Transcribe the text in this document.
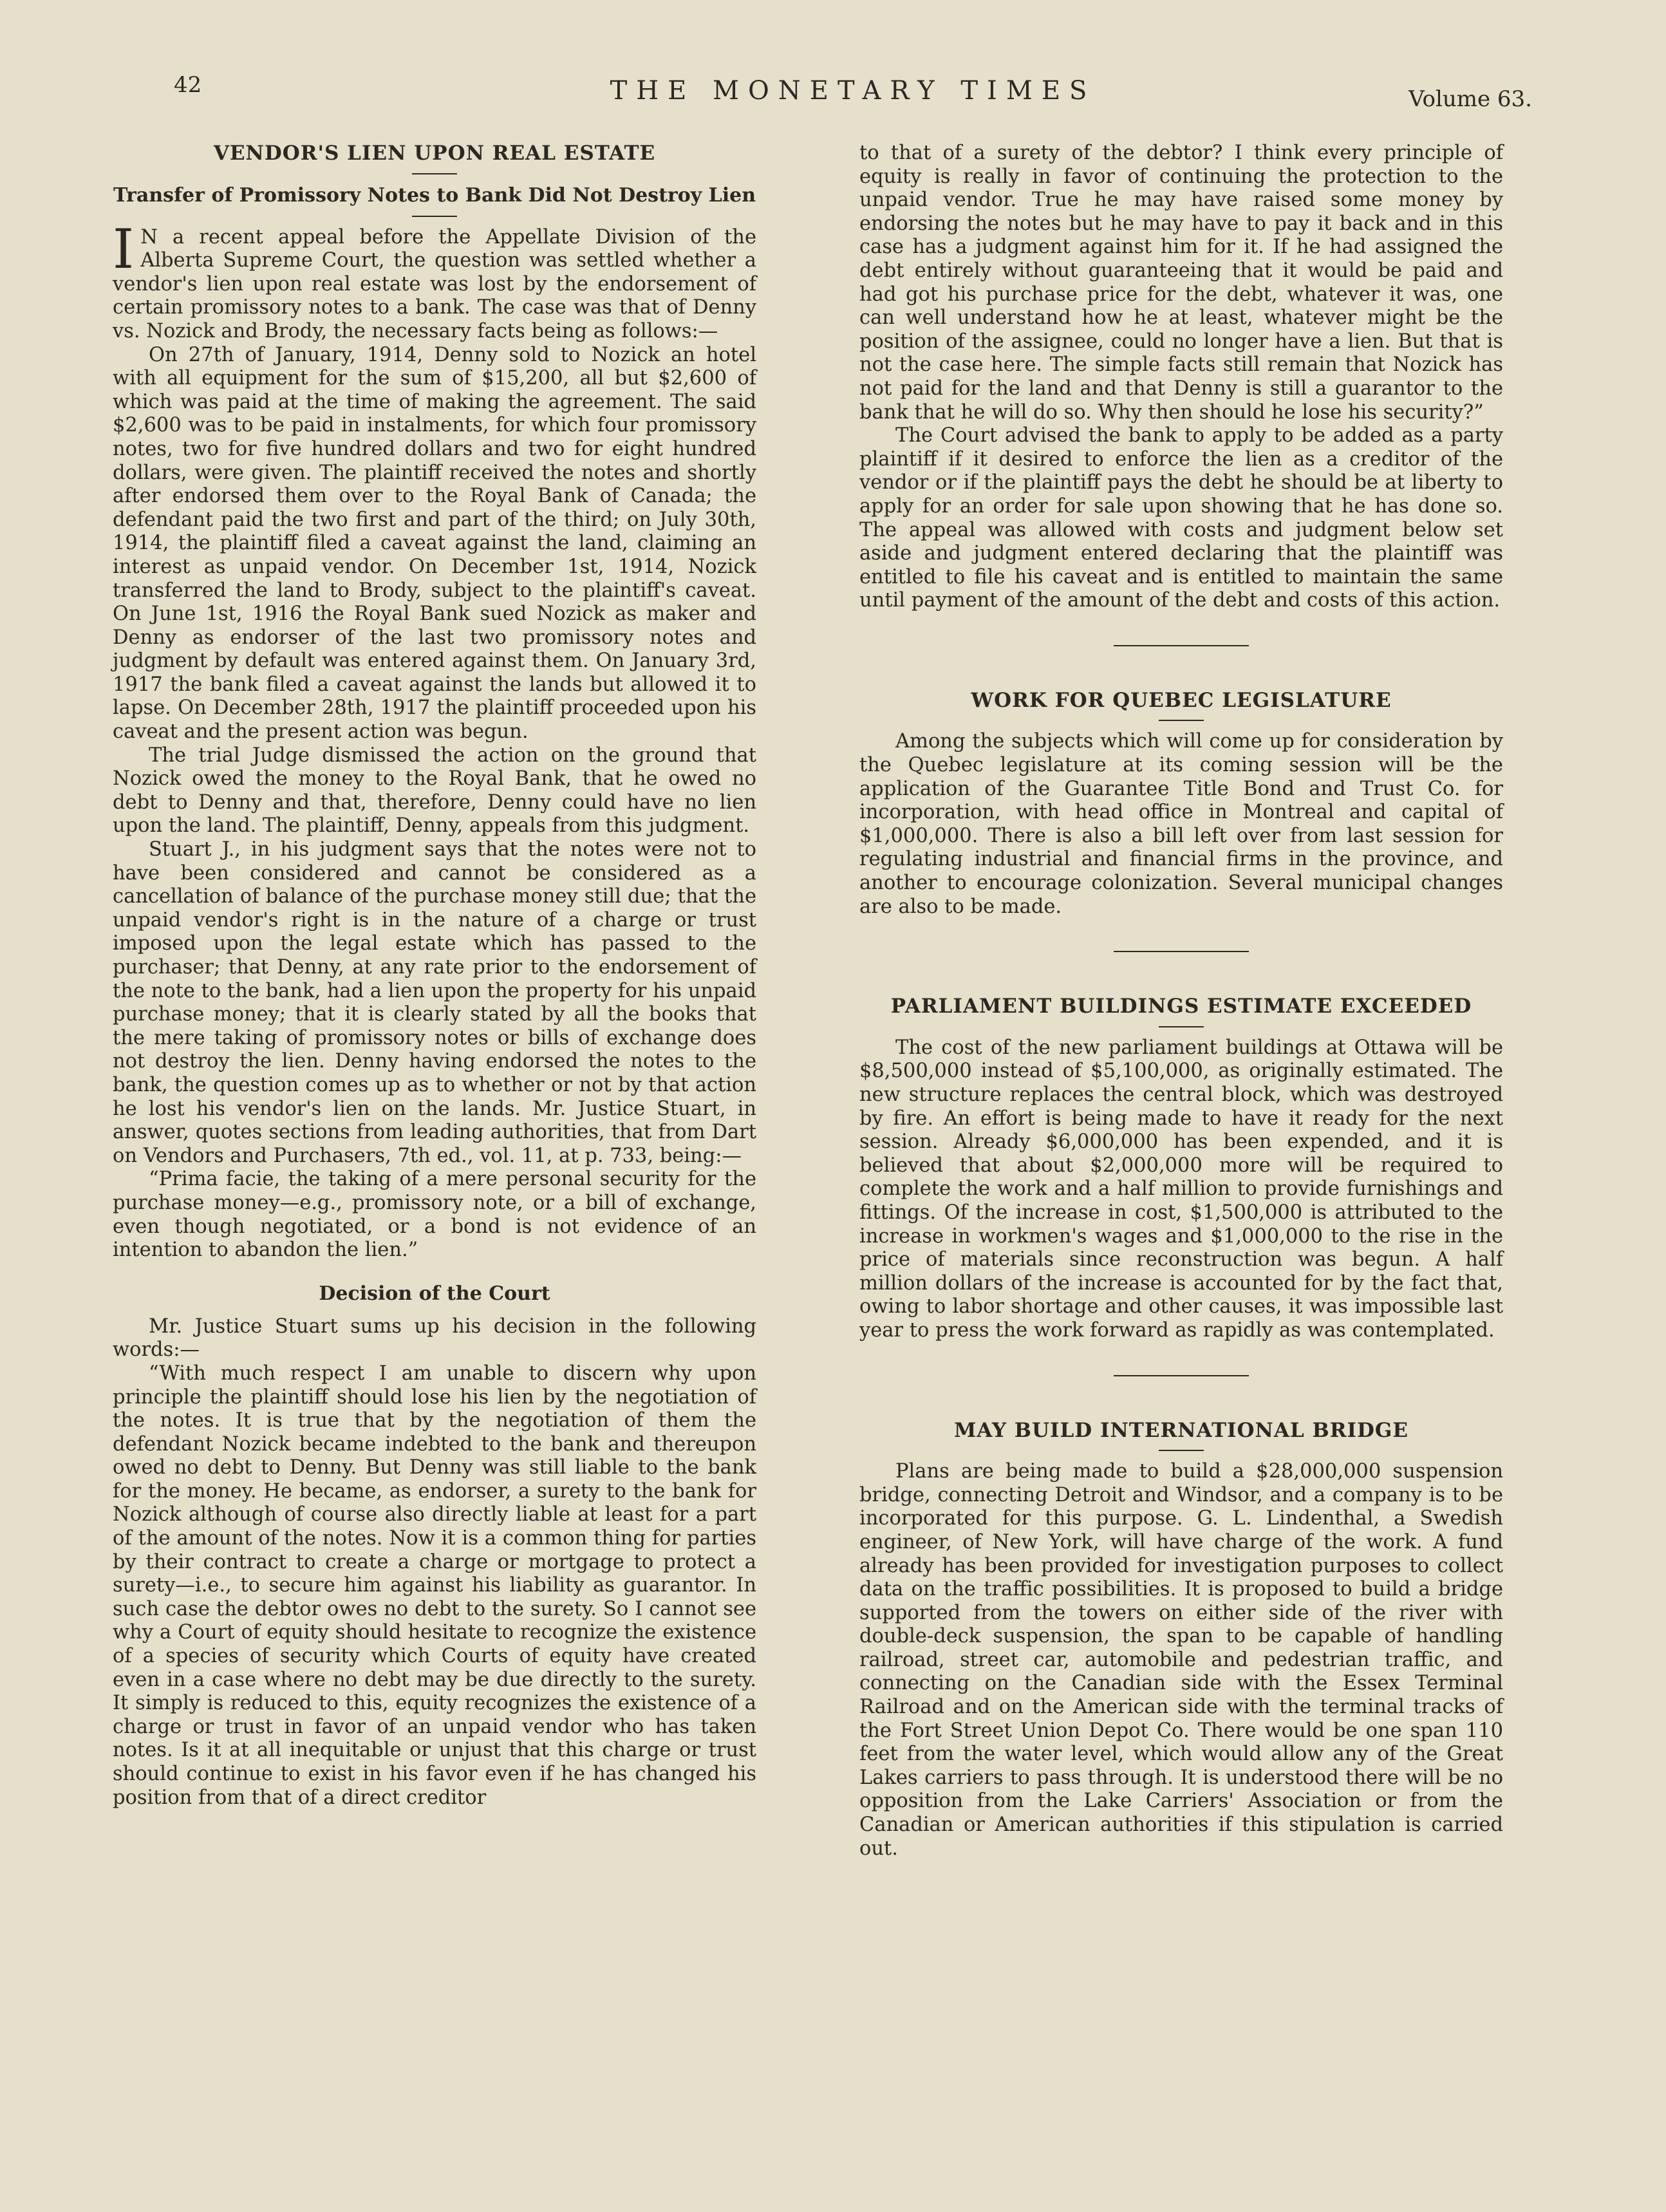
42	THE MONETARY TIMES	Volume 63.
VENDOR'S LIEN UPON REAL ESTATE
Transfer of Promissory Notes to Bank Did Not Destroy Lien

I N a recent appeal before the Appellate Division of the Alberta Supreme Court, the question was settled whether a vendor's lien upon real estate was lost by the endorsement of certain promissory notes to a bank. The case was that of Denny vs. Nozick and Brody, the necessary facts being as follows:—

On 27th of January, 1914, Denny sold to Nozick an hotel with all equipment for the sum of $15,200, all but $2,600 of which was paid at the time of making the agreement. The said $2,600 was to be paid in instalments, for which four promissory notes, two for five hundred dollars and two for eight hundred dollars, were given. The plaintiff received the notes and shortly after endorsed them over to the Royal Bank of Canada; the defendant paid the two first and part of the third; on July 30th, 1914, the plaintiff filed a caveat against the land, claiming an interest as unpaid vendor. On December 1st, 1914, Nozick transferred the land to Brody, subject to the plaintiff's caveat. On June 1st, 1916 the Royal Bank sued Nozick as maker and Denny as endorser of the last two promissory notes and judgment by default was entered against them. On January 3rd, 1917 the bank filed a caveat against the lands but allowed it to lapse. On December 28th, 1917 the plaintiff proceeded upon his caveat and the present action was begun.

The trial Judge dismissed the action on the ground that Nozick owed the money to the Royal Bank, that he owed no debt to Denny and that, therefore, Denny could have no lien upon the land. The plaintiff, Denny, appeals from this judgment.

Stuart J., in his judgment says that the notes were not to have been considered and cannot be considered as a cancellation of balance of the purchase money still due; that the unpaid vendor's right is in the nature of a charge or trust imposed upon the legal estate which has passed to the purchaser; that Denny, at any rate prior to the endorsement of the note to the bank, had a lien upon the property for his unpaid purchase money; that it is clearly stated by all the books that the mere taking of promissory notes or bills of exchange does not destroy the lien. Denny having endorsed the notes to the bank, the question comes up as to whether or not by that action he lost his vendor's lien on the lands. Mr. Justice Stuart, in answer, quotes sections from leading authorities, that from Dart on Vendors and Purchasers, 7th ed., vol. 11, at p. 733, being:—

“Prima facie, the taking of a mere personal security for the purchase money—e.g., promissory note, or a bill of exchange, even though negotiated, or a bond is not evidence of an intention to abandon the lien.”

Decision of the Court

Mr. Justice Stuart sums up his decision in the following words:—

“With much respect I am unable to discern why upon principle the plaintiff should lose his lien by the negotiation of the notes. It is true that by the negotiation of them the defendant Nozick became indebted to the bank and thereupon owed no debt to Denny. But Denny was still liable to the bank for the money. He became, as endorser, a surety to the bank for Nozick although of course also directly liable at least for a part of the amount of the notes. Now it is a common thing for parties by their contract to create a charge or mortgage to protect a surety—i.e., to secure him against his liability as guarantor. In such case the debtor owes no debt to the surety. So I cannot see why a Court of equity should hesitate to recognize the existence of a species of security which Courts of equity have created even in a case where no debt may be due directly to the surety. It simply is reduced to this, equity recognizes the existence of a charge or trust in favor of an unpaid vendor who has taken notes. Is it at all inequitable or unjust that this charge or trust should continue to exist in his favor even if he has changed his position from that of a direct creditor

to that of a surety of the debtor? I think every principle of equity is really in favor of continuing the protection to the unpaid vendor. True he may have raised some money by endorsing the notes but he may have to pay it back and in this case has a judgment against him for it. If he had assigned the debt entirely without guaranteeing that it would be paid and had got his purchase price for the debt, whatever it was, one can well understand how he at least, whatever might be the position of the assignee, could no longer have a lien. But that is not the case here. The simple facts still remain that Nozick has not paid for the land and that Denny is still a guarantor to the bank that he will do so. Why then should he lose his security?”

The Court advised the bank to apply to be added as a party plaintiff if it desired to enforce the lien as a creditor of the vendor or if the plaintiff pays the debt he should be at liberty to apply for an order for sale upon showing that he has done so. The appeal was allowed with costs and judgment below set aside and judgment entered declaring that the plaintiff was entitled to file his caveat and is entitled to maintain the same until payment of the amount of the debt and costs of this action.

WORK FOR QUEBEC LEGISLATURE

Among the subjects which will come up for consideration by the Quebec legislature at its coming session will be the application of the Guarantee Title Bond and Trust Co. for incorporation, with head office in Montreal and capital of $1,000,000. There is also a bill left over from last session for regulating industrial and financial firms in the province, and another to encourage colonization. Several municipal changes are also to be made.

PARLIAMENT BUILDINGS ESTIMATE EXCEEDED

The cost of the new parliament buildings at Ottawa will be $8,500,000 instead of $5,100,000, as originally estimated. The new structure replaces the central block, which was destroyed by fire. An effort is being made to have it ready for the next session. Already $6,000,000 has been expended, and it is believed that about $2,000,000 more will be required to complete the work and a half million to provide furnishings and fittings. Of the increase in cost, $1,500,000 is attributed to the increase in workmen's wages and $1,000,000 to the rise in the price of materials since reconstruction was begun. A half million dollars of the increase is accounted for by the fact that, owing to labor shortage and other causes, it was impossible last year to press the work forward as rapidly as was contemplated.

MAY BUILD INTERNATIONAL BRIDGE

Plans are being made to build a $28,000,000 suspension bridge, connecting Detroit and Windsor, and a company is to be incorporated for this purpose. G. L. Lindenthal, a Swedish engineer, of New York, will have charge of the work. A fund already has been provided for investigation purposes to collect data on the traffic possibilities. It is proposed to build a bridge supported from the towers on either side of the river with double-deck suspension, the span to be capable of handling railroad, street car, automobile and pedestrian traffic, and connecting on the Canadian side with the Essex Terminal Railroad and on the American side with the terminal tracks of the Fort Street Union Depot Co. There would be one span 110 feet from the water level, which would allow any of the Great Lakes carriers to pass through. It is understood there will be no opposition from the Lake Carriers' Association or from the Canadian or American authorities if this stipulation is carried out.
